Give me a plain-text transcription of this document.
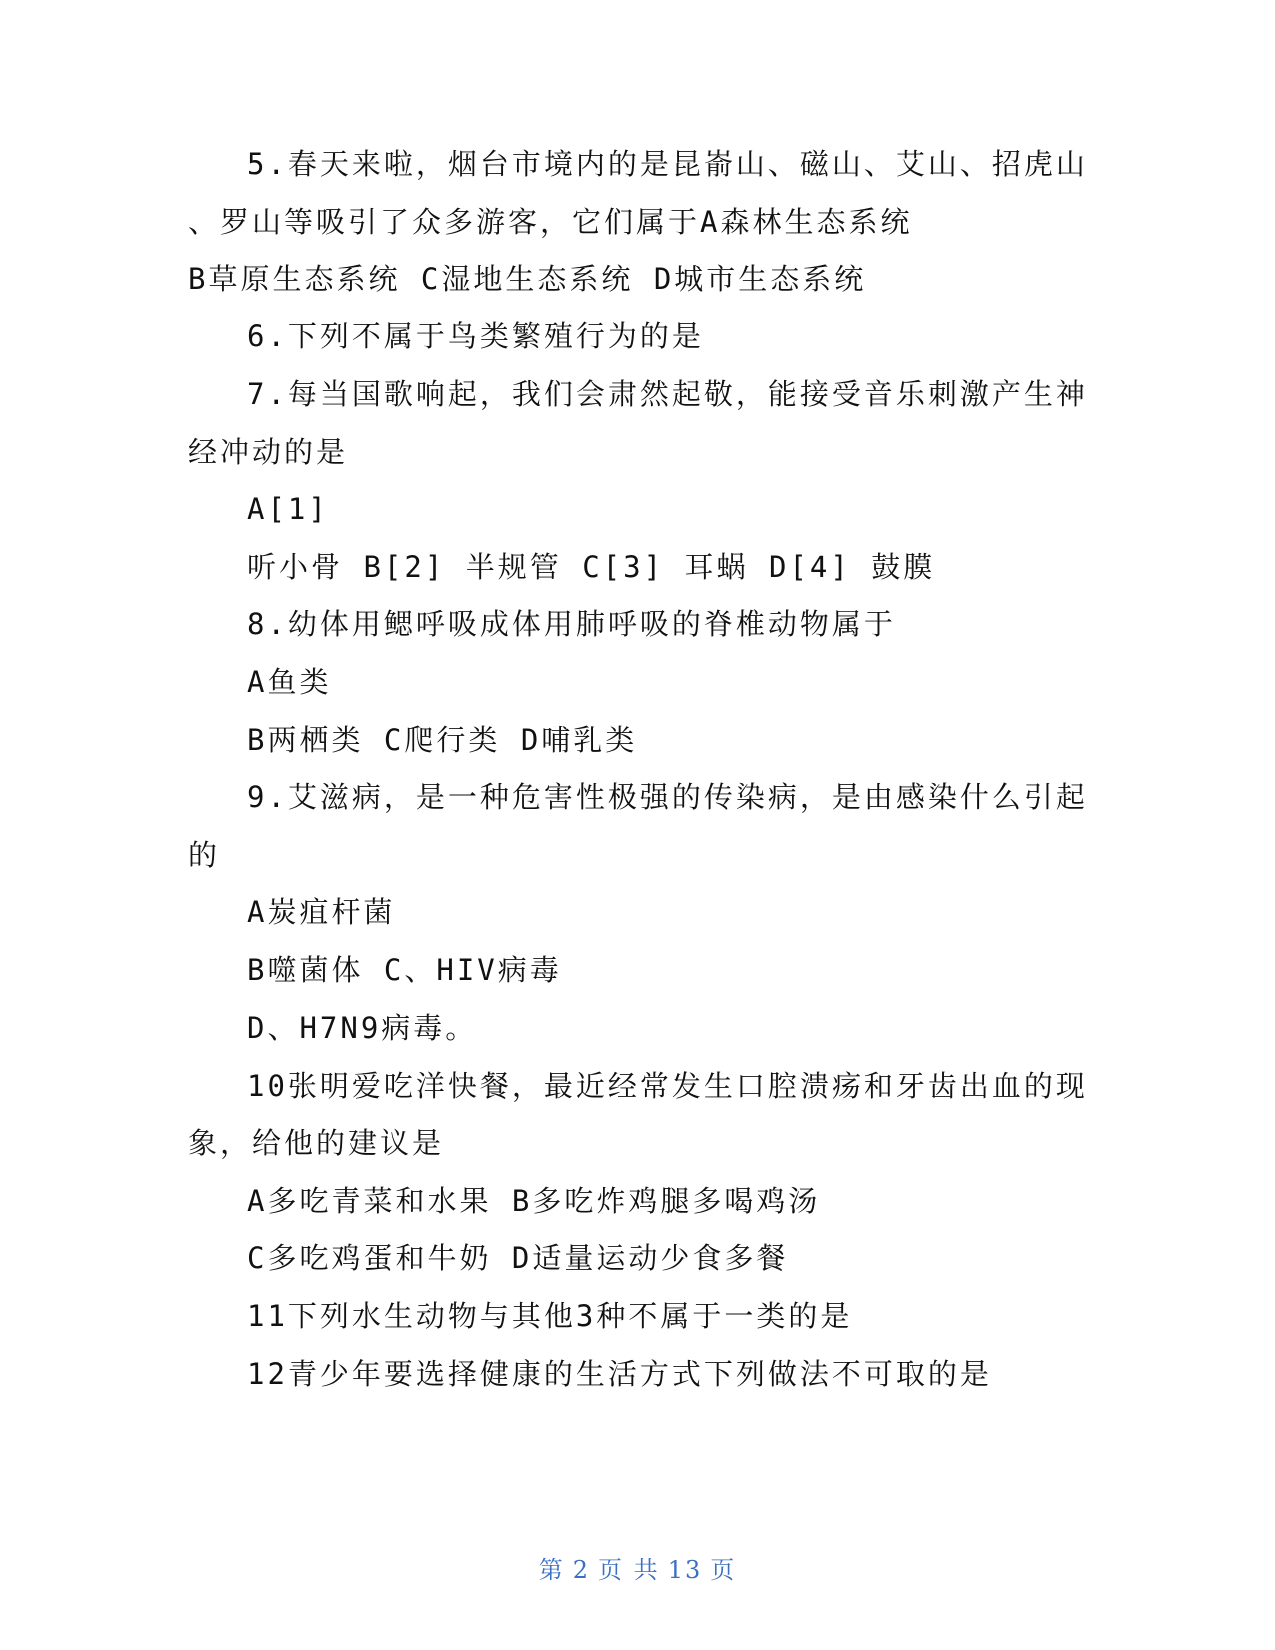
5.春天来啦，烟台市境内的是昆嵛山、磁山、艾山、招虎山
、罗山等吸引了众多游客，它们属于A森林生态系统
B草原生态系统 C湿地生态系统 D城市生态系统
6.下列不属于鸟类繁殖行为的是
7.每当国歌响起，我们会肃然起敬，能接受音乐刺激产生神
经冲动的是
A[1]
听小骨 B[2] 半规管 C[3] 耳蜗 D[4] 鼓膜
8.幼体用鳃呼吸成体用肺呼吸的脊椎动物属于
A鱼类
B两栖类 C爬行类 D哺乳类
9.艾滋病，是一种危害性极强的传染病，是由感染什么引起
的
A炭疽杆菌
B噬菌体 C、HIV病毒
D、H7N9病毒。
10张明爱吃洋快餐，最近经常发生口腔溃疡和牙齿出血的现
象，给他的建议是
A多吃青菜和水果 B多吃炸鸡腿多喝鸡汤
C多吃鸡蛋和牛奶 D适量运动少食多餐
11下列水生动物与其他3种不属于一类的是
12青少年要选择健康的生活方式下列做法不可取的是
第 2 页 共 13 页
